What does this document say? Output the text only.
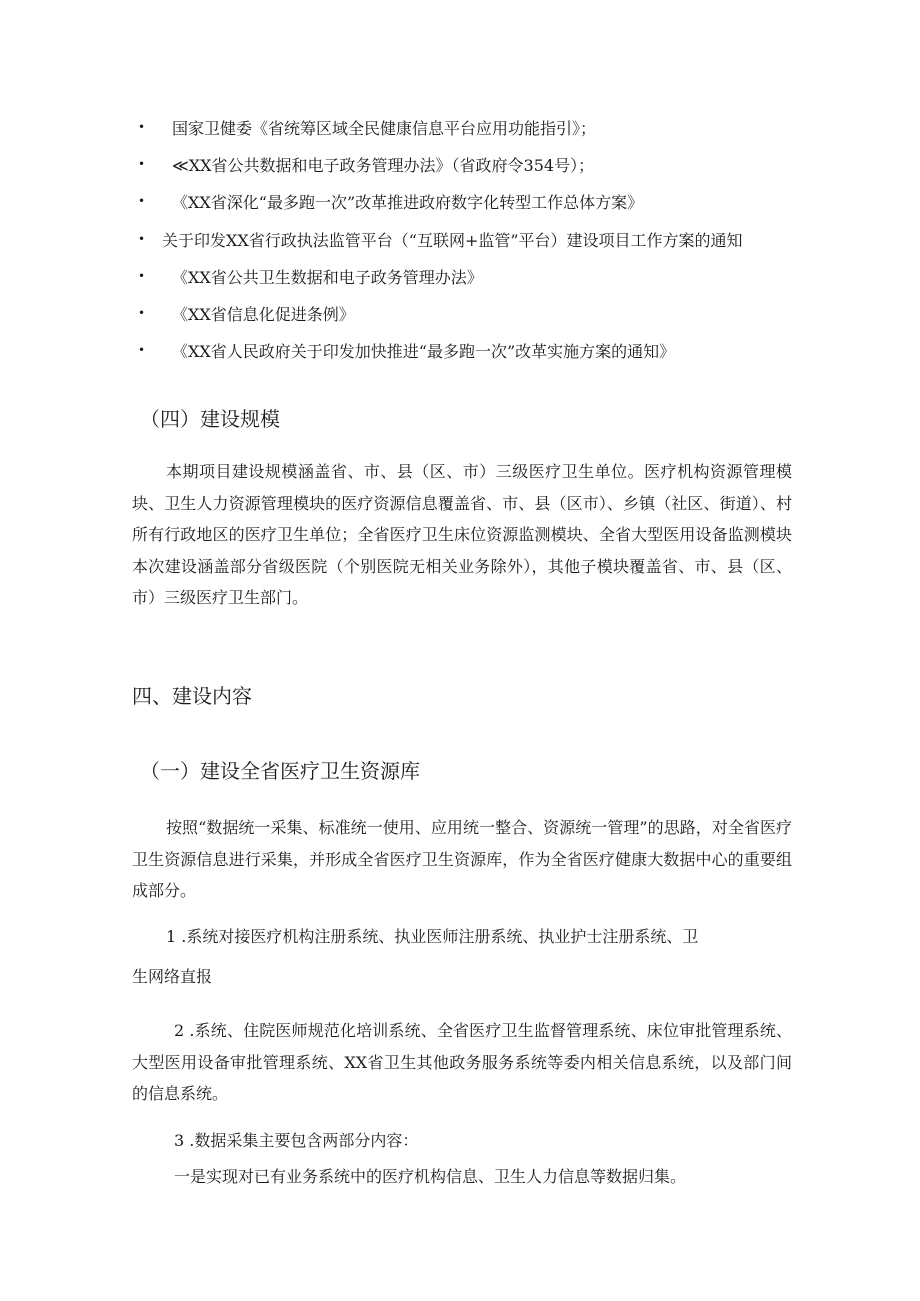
• 国家卫健委《省统筹区域全民健康信息平台应用功能指引》；
• ≪XX省公共数据和电子政务管理办法》（省政府令354号）；
• 《XX省深化“最多跑一次”改革推进政府数字化转型工作总体方案》
• 关于印发XX省行政执法监管平台（“互联网+监管”平台）建设项目工作方案的通知
• 《XX省公共卫生数据和电子政务管理办法》
• 《XX省信息化促进条例》
• 《XX省人民政府关于印发加快推进“最多跑一次”改革实施方案的通知》
（四）建设规模

本期项目建设规模涵盖省、市、县（区、市）三级医疗卫生单位。医疗机构资源管理模块、卫生人力资源管理模块的医疗资源信息覆盖省、市、县（区市）、乡镇（社区、街道）、村所有行政地区的医疗卫生单位；全省医疗卫生床位资源监测模块、全省大型医用设备监测模块本次建设涵盖部分省级医院（个别医院无相关业务除外），其他子模块覆盖省、市、县（区、市）三级医疗卫生部门。

四、建设内容
（一）建设全省医疗卫生资源库

按照“数据统一采集、标准统一使用、应用统一整合、资源统一管理”的思路，对全省医疗卫生资源信息进行采集，并形成全省医疗卫生资源库，作为全省医疗健康大数据中心的重要组成部分。

1 .系统对接医疗机构注册系统、执业医师注册系统、执业护士注册系统、卫
生网络直报

2 .系统、住院医师规范化培训系统、全省医疗卫生监督管理系统、床位审批管理系统、大型医用设备审批管理系统、XX省卫生其他政务服务系统等委内相关信息系统，以及部门间的信息系统。

3 .数据采集主要包含两部分内容：
一是实现对已有业务系统中的医疗机构信息、卫生人力信息等数据归集。
